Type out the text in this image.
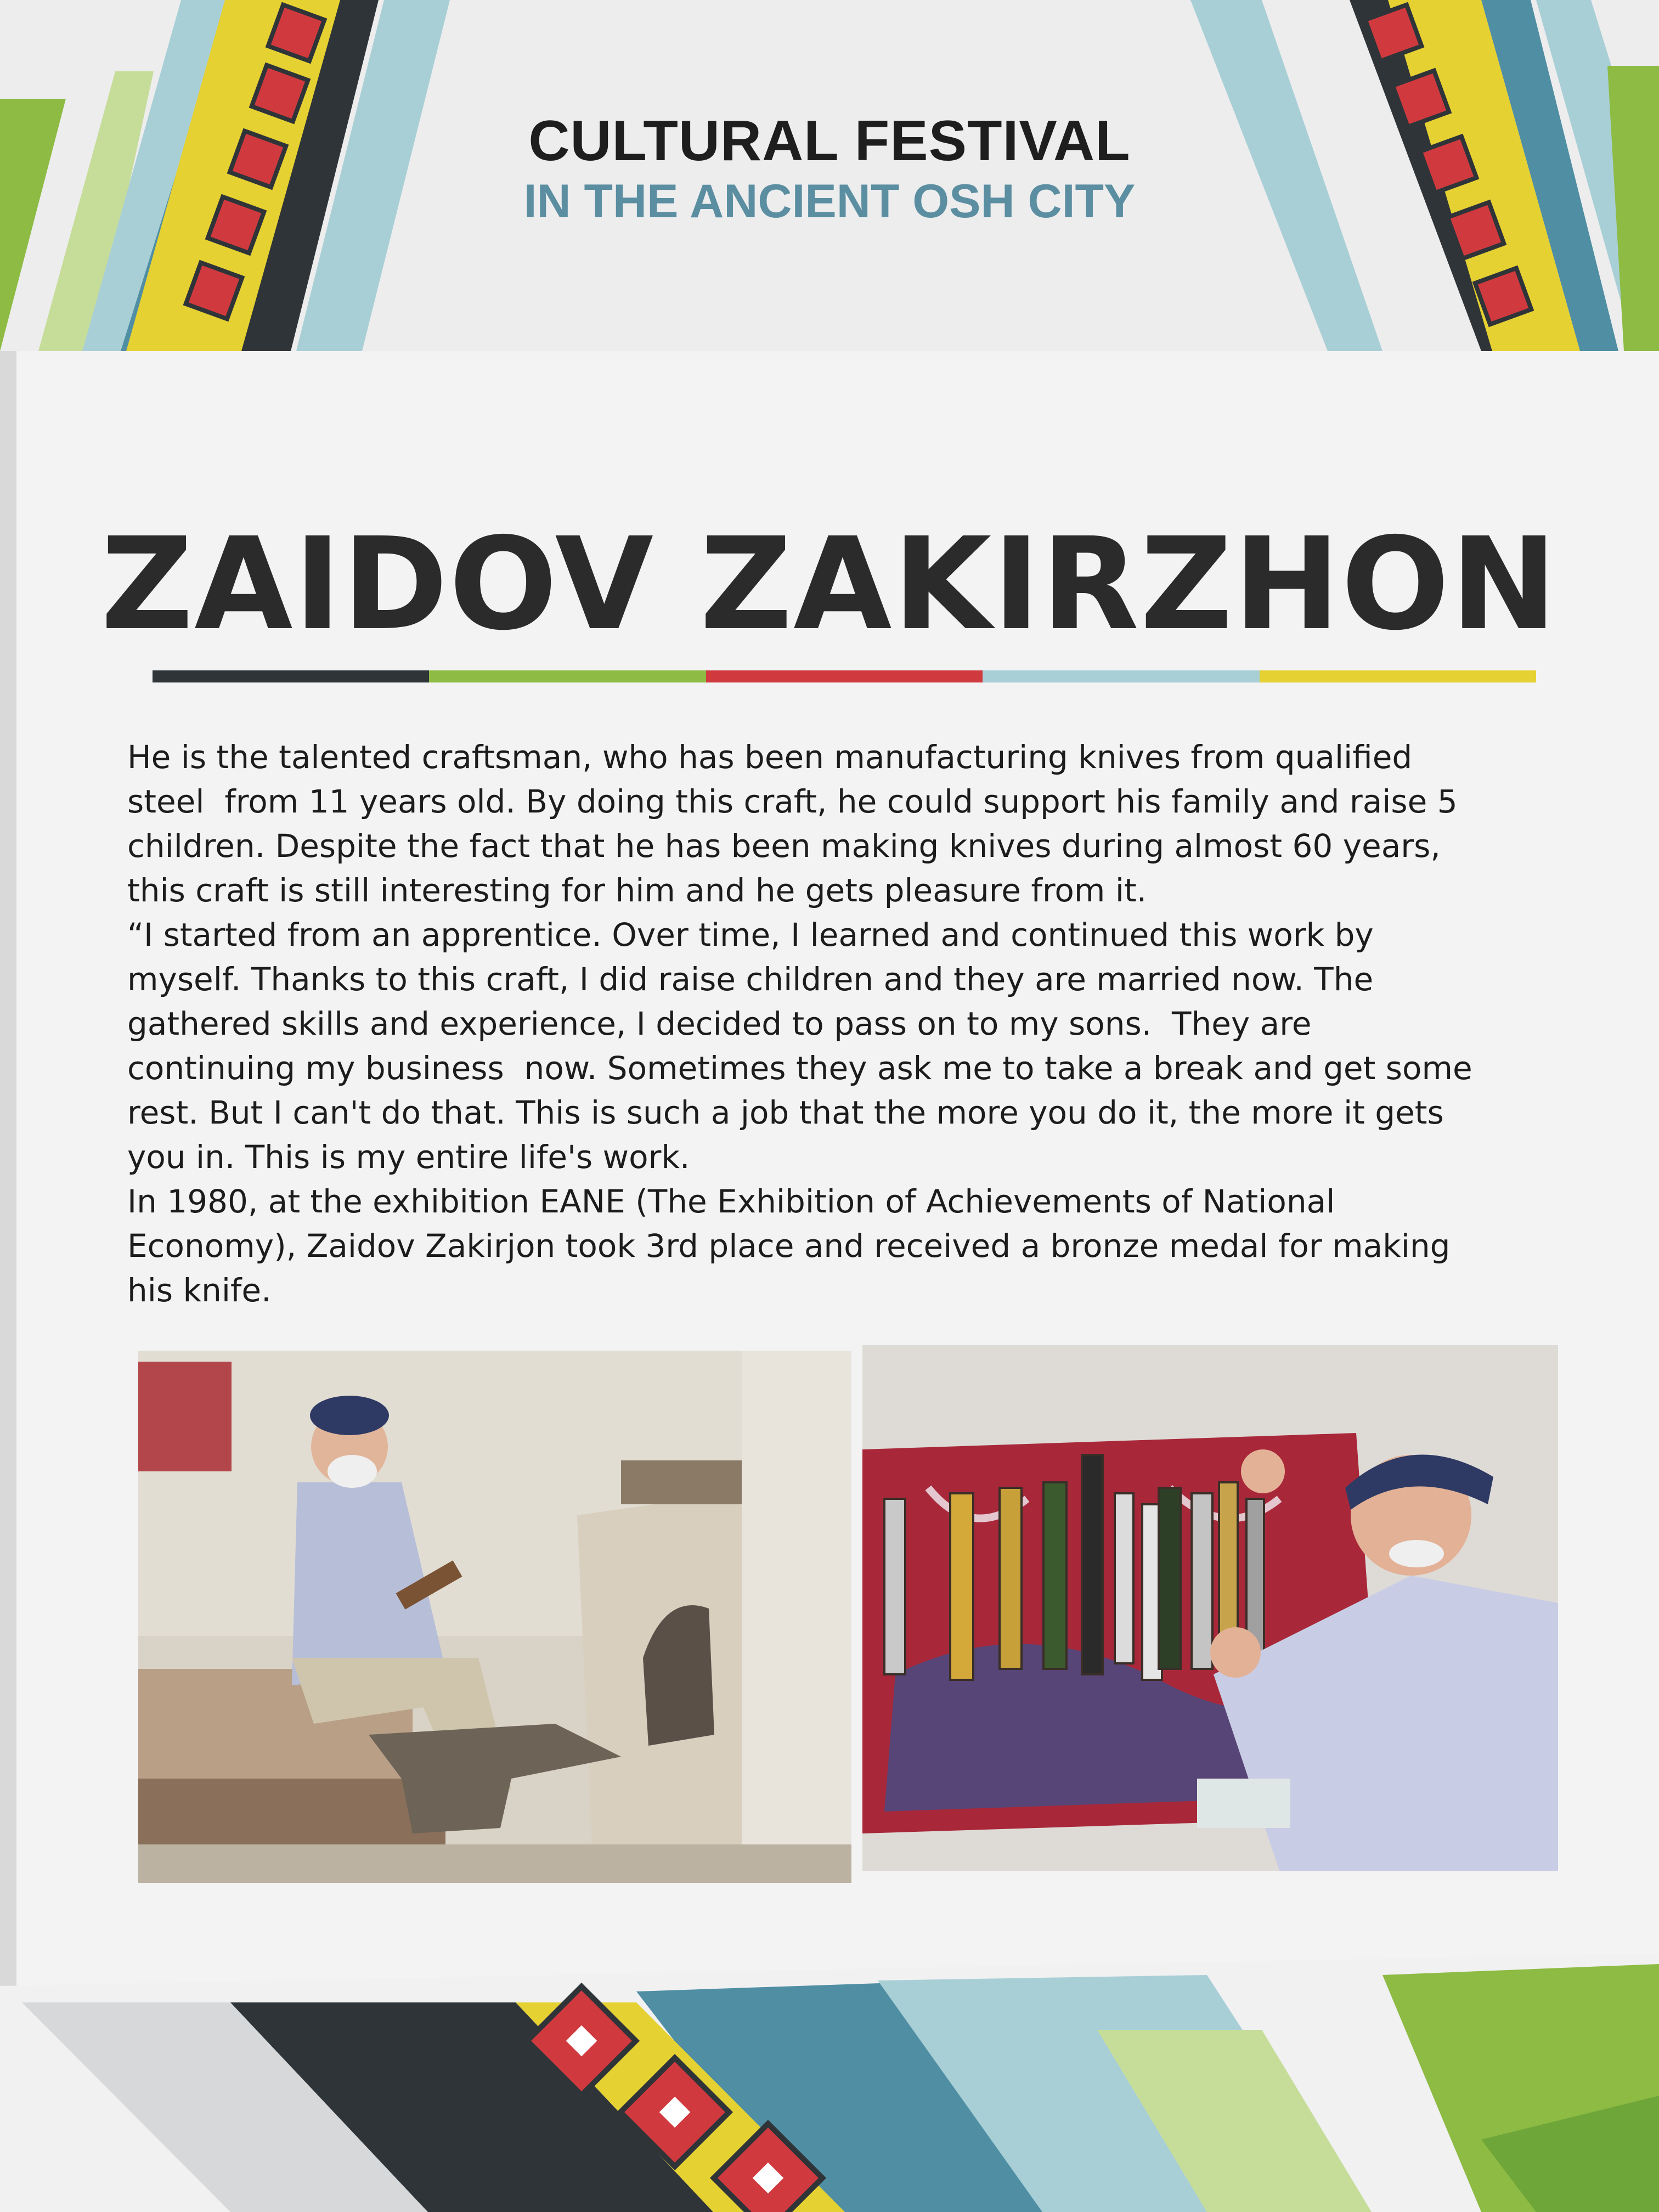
CULTURAL FESTIVAL
IN THE ANCIENT OSH CITY
ZAIDOV ZAKIRZHON

He is the talented craftsman, who has been manufacturing knives from qualified

steel  from 11 years old. By doing this craft, he could support his family and raise 5

children. Despite the fact that he has been making knives during almost 60 years,

this craft is still interesting for him and he gets pleasure from it.

“I started from an apprentice. Over time, I learned and continued this work by

myself. Thanks to this craft, I did raise children and they are married now. The

gathered skills and experience, I decided to pass on to my sons.  They are

continuing my business  now. Sometimes they ask me to take a break and get some

rest. But I can't do that. This is such a job that the more you do it, the more it gets

you in. This is my entire life's work.

In 1980, at the exhibition EANE (The Exhibition of Achievements of National

Economy), Zaidov Zakirjon took 3rd place and received a bronze medal for making

his knife.
